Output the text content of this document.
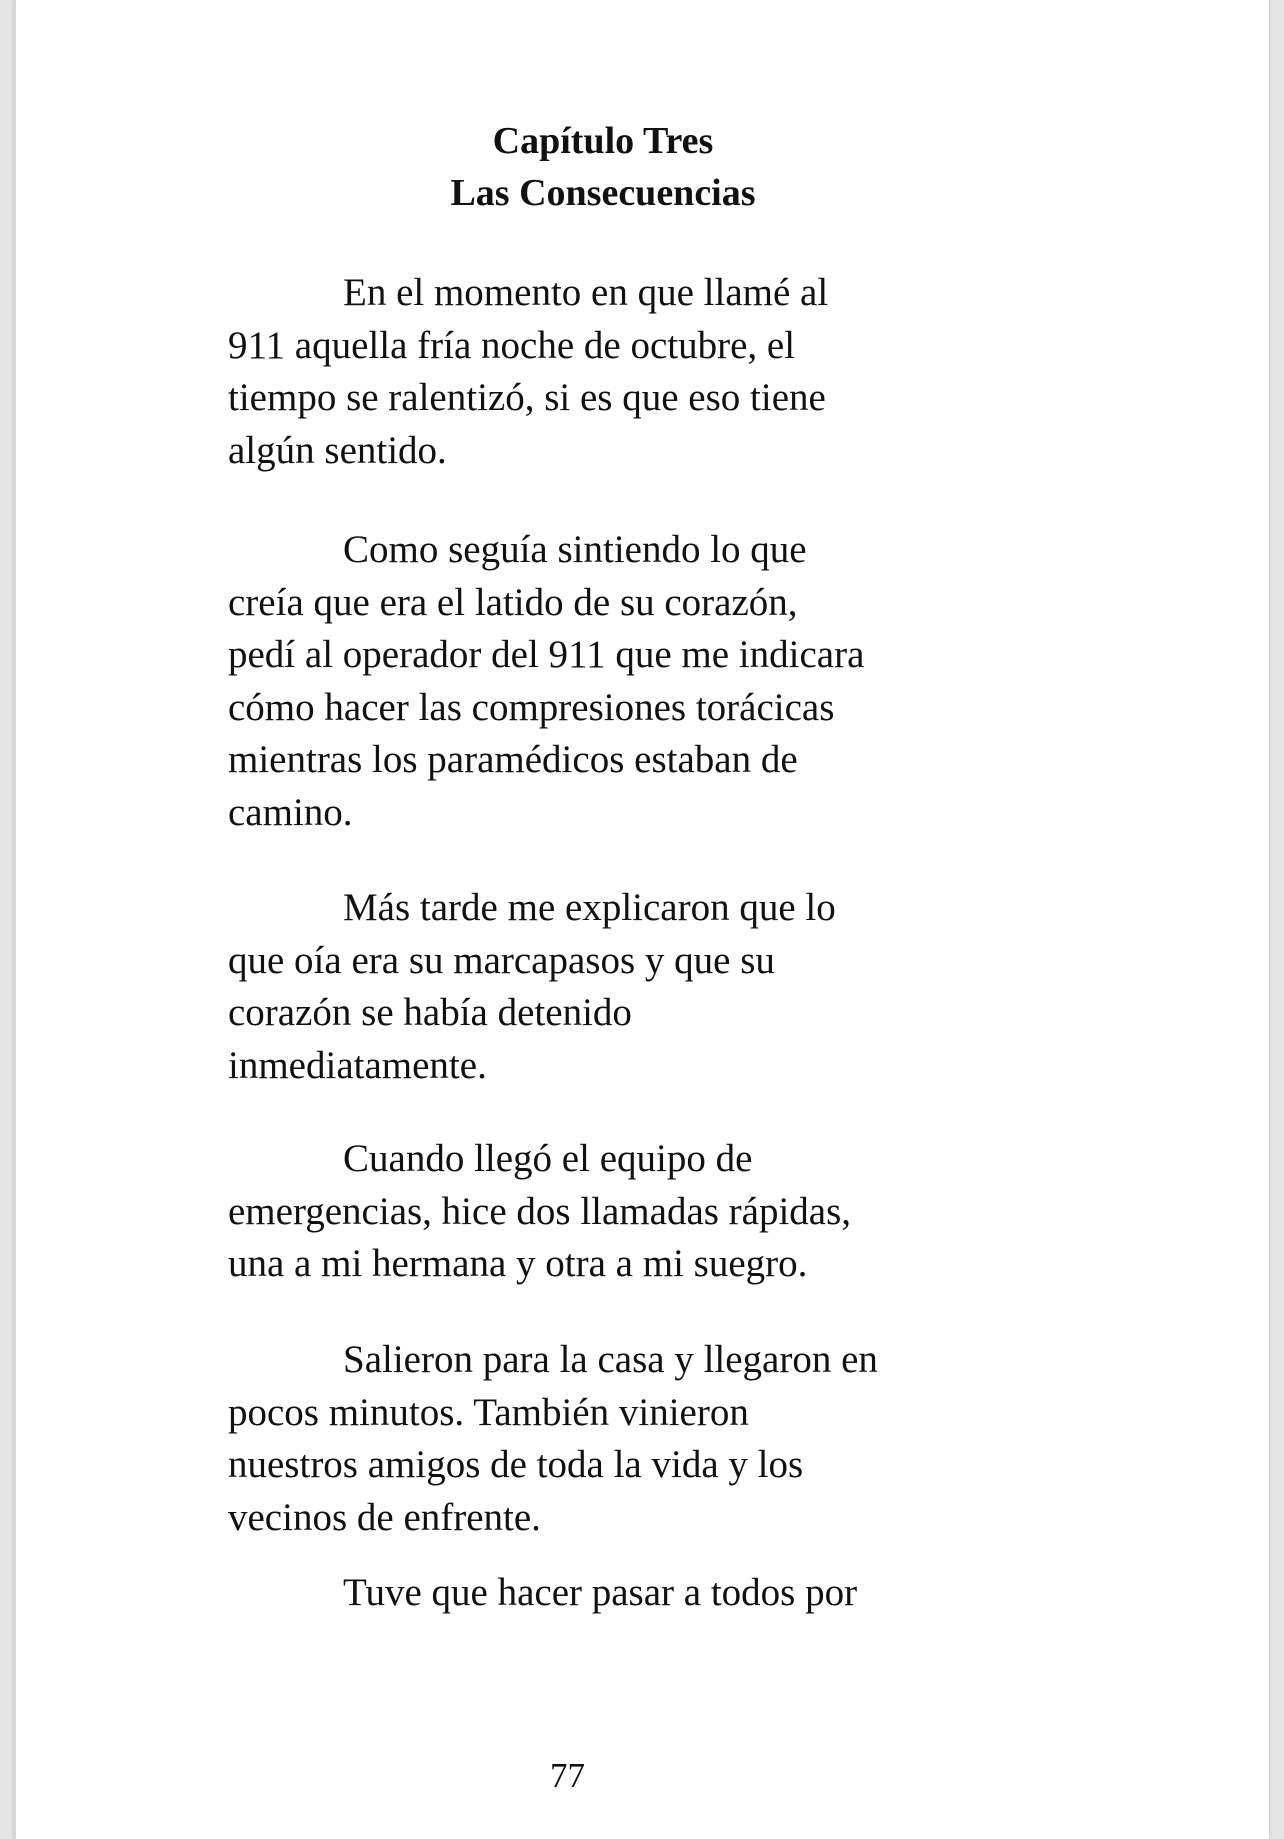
Capítulo Tres
Las Consecuencias
En el momento en que llamé al
911 aquella fría noche de octubre, el
tiempo se ralentizó, si es que eso tiene
algún sentido.
Como seguía sintiendo lo que
creía que era el latido de su corazón,
pedí al operador del 911 que me indicara
cómo hacer las compresiones torácicas
mientras los paramédicos estaban de
camino.
Más tarde me explicaron que lo
que oía era su marcapasos y que su
corazón se había detenido
inmediatamente.
Cuando llegó el equipo de
emergencias, hice dos llamadas rápidas,
una a mi hermana y otra a mi suegro.
Salieron para la casa y llegaron en
pocos minutos. También vinieron
nuestros amigos de toda la vida y los
vecinos de enfrente.
Tuve que hacer pasar a todos por
77
